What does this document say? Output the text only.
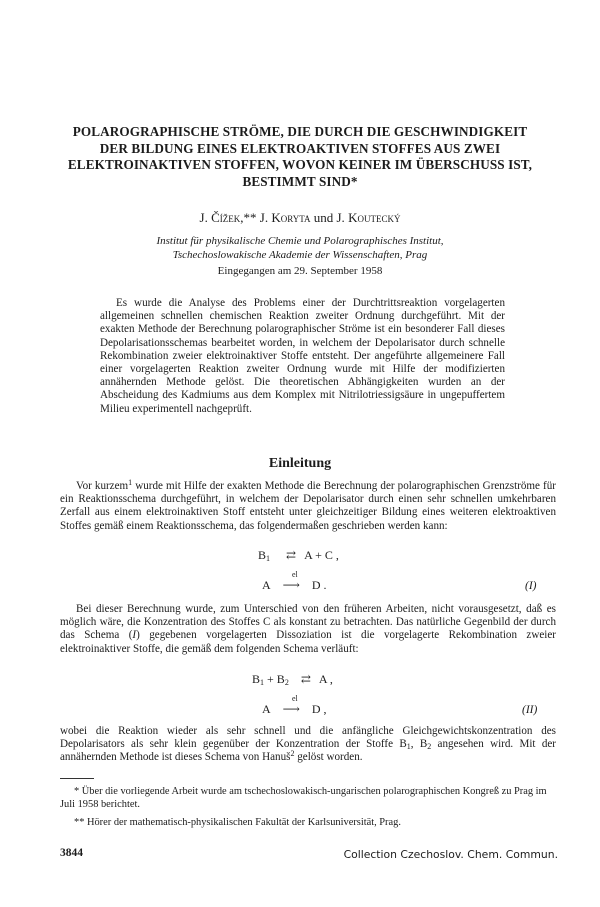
POLAROGRAPHISCHE STRÖME, DIE DURCH DIE GESCHWINDIGKEIT
DER BILDUNG EINES ELEKTROAKTIVEN STOFFES AUS ZWEI
ELEKTROINAKTIVEN STOFFEN, WOVON KEINER IM ÜBERSCHUSS IST,
BESTIMMT SIND*
J. Čížek,** J. Koryta und J. Koutecký
Institut für physikalische Chemie und Polarographisches Institut,
Tschechoslowakische Akademie der Wissenschaften, Prag
Eingegangen am 29. September 1958

Es wurde die Analyse des Problems einer der Durchtrittsreaktion vorgelagerten allgemeinen schnellen chemischen Reaktion zweiter Ordnung durchgeführt. Mit der exakten Methode der Berechnung polarographischer Ströme ist ein besonderer Fall dieses Depolarisationsschemas bearbeitet worden, in welchem der Depolarisator durch schnelle Rekombination zweier elektroinaktiver Stoffe entsteht. Der angeführte allgemeinere Fall einer vorgelagerten Reaktion zweiter Ordnung wurde mit Hilfe der modifizierten annähernden Methode gelöst. Die theoretischen Abhängigkeiten wurden an der Abscheidung des Kadmiums aus dem Komplex mit Nitrilotriessigsäure in ungepuffertem Milieu experimentell nachgeprüft.

Einleitung

Vor kurzem$^1$ wurde mit Hilfe der exakten Methode die Berechnung der polarographischen Grenzströme für ein Reaktionsschema durchgeführt, in welchem der Depolarisator durch einen sehr schnellen umkehrbaren Zerfall aus einem elektroinaktiven Stoff entsteht unter gleichzeitiger Bildung eines weiteren elektroaktiven Stoffes gemäß einem Reaktionsschema, das folgendermaßen geschrieben werden kann:

$B_1$ ⇄ A + C ,
el
A ⟶ D .	(I)

Bei dieser Berechnung wurde, zum Unterschied von den früheren Arbeiten, nicht vorausgesetzt, daß es möglich wäre, die Konzentration des Stoffes C als konstant zu betrachten. Das natürliche Gegenbild der durch das Schema (I) gegebenen vorgelagerten Dissoziation ist die vorgelagerte Rekombination zweier elektroinaktiver Stoffe, die gemäß dem folgenden Schema verläuft:

$B_1 + B_2$ ⇄ A ,
el
A ⟶ D ,	(II)

wobei die Reaktion wieder als sehr schnell und die anfängliche Gleichgewichtskonzentration des Depolarisators als sehr klein gegenüber der Konzentration der Stoffe $B_1$, $B_2$ angesehen wird. Mit der annähernden Methode ist dieses Schema von Hanuš$^2$ gelöst worden.

* Über die vorliegende Arbeit wurde am tschechoslowakisch-ungarischen polarographischen Kongreß zu Prag im Juli 1958 berichtet.
** Hörer der mathematisch-physikalischen Fakultät der Karlsuniversität, Prag.
3844	Collection Czechoslov. Chem. Commun.
